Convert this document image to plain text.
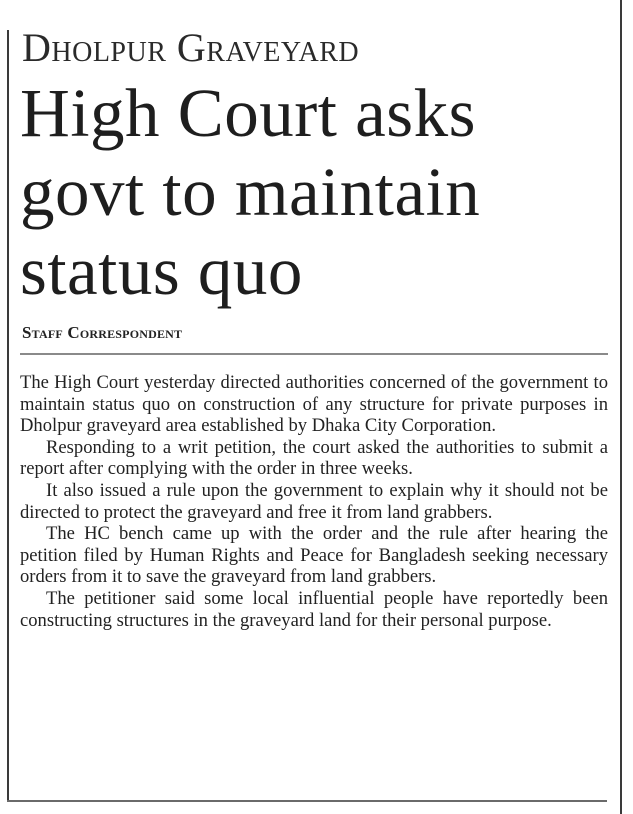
Dholpur Graveyard
High Court asks govt to maintain status quo
Staff Correspondent

The High Court yesterday directed authorities concerned of the government to maintain status quo on construction of any structure for private purposes in Dholpur graveyard area established by Dhaka City Corporation.

Responding to a writ petition, the court asked the authorities to submit a report after complying with the order in three weeks.

It also issued a rule upon the government to explain why it should not be directed to protect the graveyard and free it from land grabbers.

The HC bench came up with the order and the rule after hearing the petition filed by Human Rights and Peace for Bangladesh seeking necessary orders from it to save the graveyard from land grabbers.

The petitioner said some local influential people have reportedly been constructing structures in the graveyard land for their personal purpose.
